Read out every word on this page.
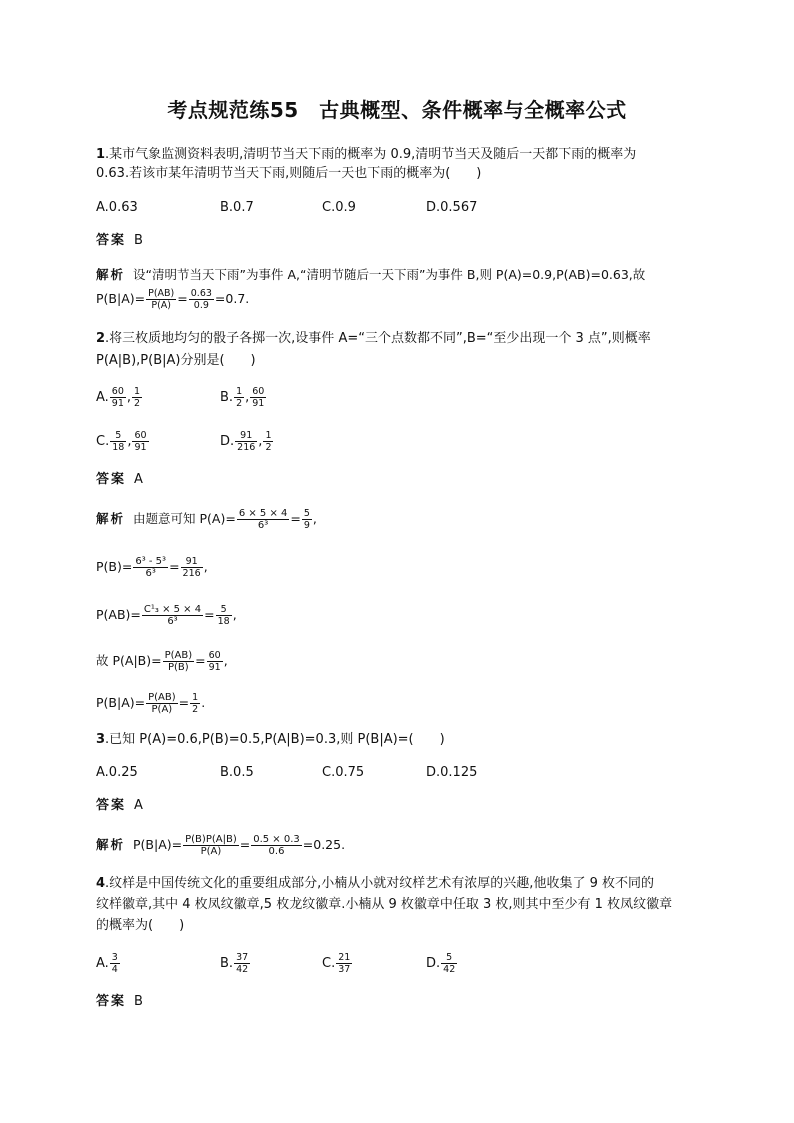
考点规范练55　古典概型、条件概率与全概率公式
1.某市气象监测资料表明,清明节当天下雨的概率为 0.9,清明节当天及随后一天都下雨的概率为
0.63.若该市某年清明节当天下雨,则随后一天也下雨的概率为(　　)
A.0.63	B.0.7	C.0.9	D.0.567
答案 B
解析 设“清明节当天下雨”为事件 A,“清明节随后一天下雨”为事件 B,则 P(A)=0.9,P(AB)=0.63,故
$P(B|A)= \frac{P(AB)}{P(A)} = \frac{0.63}{0.9} =0.7$.
2.将三枚质地均匀的骰子各掷一次,设事件 A=“三个点数都不同”,B=“至少出现一个 3 点”,则概率
P(A|B),P(B|A)分别是(　　)
A. $\frac{60}{91}$ , $\frac{1}{2}$	B. $\frac{1}{2}$ , $\frac{60}{91}$
C. $\frac{5}{18}$ , $\frac{60}{91}$	D. $\frac{91}{216}$ , $\frac{1}{2}$
答案 A
解析 由题意可知 $P(A)= \frac{6 \times 5 \times 4}{\text{6³}} = \frac{5}{9}$ ,
$P(B)= \frac{\text{6³ - 5³}}{\text{6³}} = \frac{91}{216}$ ,
$P(AB)= \frac{\text{C¹₃ × 5 × 4}}{\text{6³}} = \frac{5}{18}$ ,
故 $P(A|B)= \frac{P(AB)}{P(B)} = \frac{60}{91}$ ,
$P(B|A)= \frac{P(AB)}{P(A)} = \frac{1}{2}$ .
3.已知 P(A)=0.6,P(B)=0.5,P(A|B)=0.3,则 P(B|A)=(　　)
A.0.25	B.0.5	C.0.75	D.0.125
答案 A
解析 $P(B|A)= \frac{P(B)P(A|B)}{P(A)} = \frac{0.5 \times 0.3}{0.6} =0.25$.
4.纹样是中国传统文化的重要组成部分,小楠从小就对纹样艺术有浓厚的兴趣,他收集了 9 枚不同的
纹样徽章,其中 4 枚凤纹徽章,5 枚龙纹徽章.小楠从 9 枚徽章中任取 3 枚,则其中至少有 1 枚凤纹徽章
的概率为(　　)
A. $\frac{3}{4}$	B. $\frac{37}{42}$	C. $\frac{21}{37}$	D. $\frac{5}{42}$
答案 B
